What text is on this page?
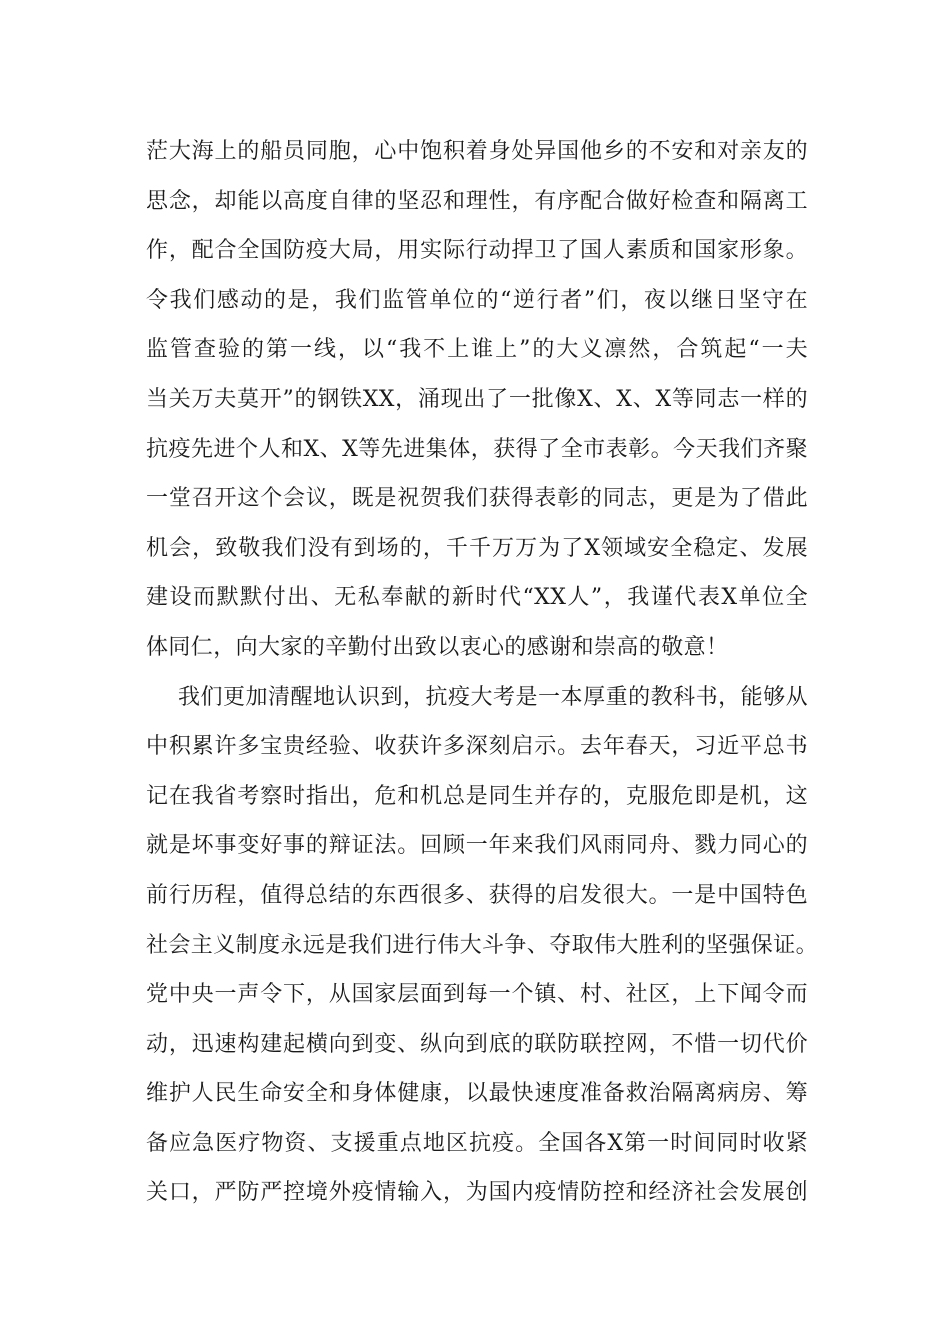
茫大海上的船员同胞，心中饱积着身处异国他乡的不安和对亲友的
思念，却能以高度自律的坚忍和理性，有序配合做好检查和隔离工
作，配合全国防疫大局，用实际行动捍卫了国人素质和国家形象。
令我们感动的是，我们监管单位的“逆行者”们，夜以继日坚守在
监管查验的第一线，以“我不上谁上”的大义凛然，合筑起“一夫
当关万夫莫开”的钢铁XX，涌现出了一批像X、X、X等同志一样的
抗疫先进个人和X、X等先进集体，获得了全市表彰。今天我们齐聚
一堂召开这个会议，既是祝贺我们获得表彰的同志，更是为了借此
机会，致敬我们没有到场的，千千万万为了X领域安全稳定、发展
建设而默默付出、无私奉献的新时代“XX人”，我谨代表X单位全
体同仁，向大家的辛勤付出致以衷心的感谢和崇高的敬意！
我们更加清醒地认识到，抗疫大考是一本厚重的教科书，能够从
中积累许多宝贵经验、收获许多深刻启示。去年春天，习近平总书
记在我省考察时指出，危和机总是同生并存的，克服危即是机，这
就是坏事变好事的辩证法。回顾一年来我们风雨同舟、戮力同心的
前行历程，值得总结的东西很多、获得的启发很大。一是中国特色
社会主义制度永远是我们进行伟大斗争、夺取伟大胜利的坚强保证。
党中央一声令下，从国家层面到每一个镇、村、社区，上下闻令而
动，迅速构建起横向到变、纵向到底的联防联控网，不惜一切代价
维护人民生命安全和身体健康，以最快速度准备救治隔离病房、筹
备应急医疗物资、支援重点地区抗疫。全国各X第一时间同时收紧
关口，严防严控境外疫情输入，为国内疫情防控和经济社会发展创
